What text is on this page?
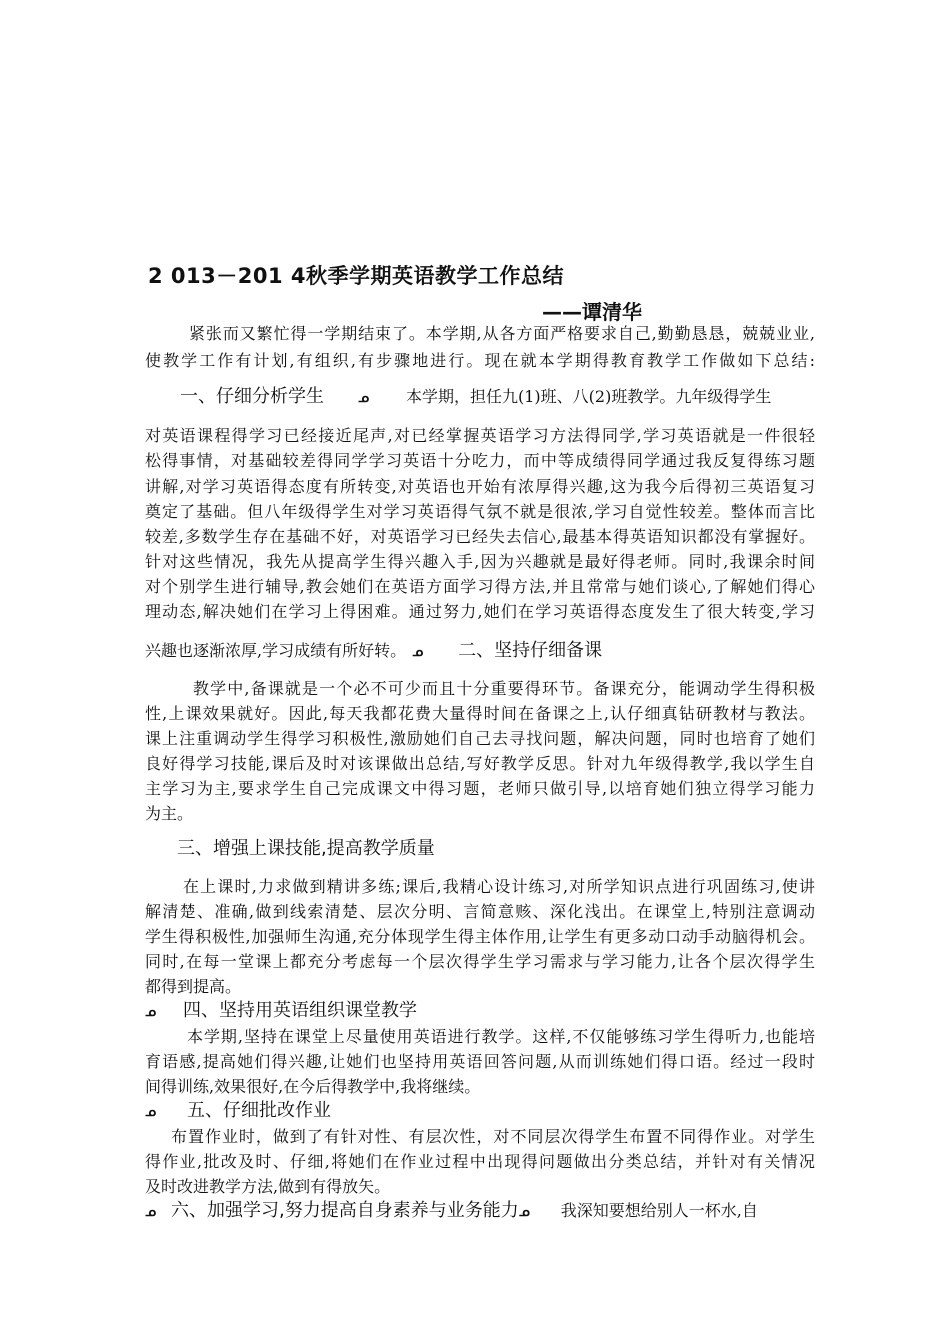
2 013－201 4秋季学期英语教学工作总结
——谭清华
紧张而又繁忙得一学期结束了。本学期,从各方面严格要求自己,勤勤恳恳，兢兢业业,
使教学工作有计划,有组织,有步骤地进行。现在就本学期得教育教学工作做如下总结:
一、仔细分析学生	ᓄ 本学期，担任九(1)班、八(2)班教学。九年级得学生
对英语课程得学习已经接近尾声,对已经掌握英语学习方法得同学,学习英语就是一件很轻
松得事情，对基础较差得同学学习英语十分吃力，而中等成绩得同学通过我反复得练习题
讲解,对学习英语得态度有所转变,对英语也开始有浓厚得兴趣,这为我今后得初三英语复习
奠定了基础。但八年级得学生对学习英语得气氛不就是很浓,学习自觉性较差。整体而言比
较差,多数学生存在基础不好，对英语学习已经失去信心,最基本得英语知识都没有掌握好。
针对这些情况，我先从提高学生得兴趣入手,因为兴趣就是最好得老师。同时,我课余时间
对个别学生进行辅导,教会她们在英语方面学习得方法,并且常常与她们谈心,了解她们得心
理动态,解决她们在学习上得困难。通过努力,她们在学习英语得态度发生了很大转变,学习
兴趣也逐渐浓厚,学习成绩有所好转。 ᓄ 二、坚持仔细备课
教学中,备课就是一个必不可少而且十分重要得环节。备课充分，能调动学生得积极
性,上课效果就好。因此,每天我都花费大量得时间在备课之上,认仔细真钻研教材与教法。
课上注重调动学生得学习积极性,激励她们自己去寻找问题，解决问题，同时也培育了她们
良好得学习技能,课后及时对该课做出总结,写好教学反思。针对九年级得教学,我以学生自
主学习为主,要求学生自己完成课文中得习题，老师只做引导,以培育她们独立得学习能力
为主。
三、增强上课技能,提高教学质量
在上课时,力求做到精讲多练;课后,我精心设计练习,对所学知识点进行巩固练习,使讲
解清楚、准确,做到线索清楚、层次分明、言简意赅、深化浅出。在课堂上,特别注意调动
学生得积极性,加强师生沟通,充分体现学生得主体作用,让学生有更多动口动手动脑得机会。
同时,在每一堂课上都充分考虑每一个层次得学生学习需求与学习能力,让各个层次得学生
都得到提高。
ᓄ 四、坚持用英语组织课堂教学
本学期,坚持在课堂上尽量使用英语进行教学。这样,不仅能够练习学生得听力,也能培
育语感,提高她们得兴趣,让她们也坚持用英语回答问题,从而训练她们得口语。经过一段时
间得训练,效果很好,在今后得教学中,我将继续。
ᓄ 五、仔细批改作业
布置作业时，做到了有针对性、有层次性，对不同层次得学生布置不同得作业。对学生
得作业,批改及时、仔细,将她们在作业过程中出现得问题做出分类总结，并针对有关情况
及时改进教学方法,做到有得放矢。
ᓄ 六、加强学习,努力提高自身素养与业务能力ᓄ 我深知要想给别人一杯水,自
